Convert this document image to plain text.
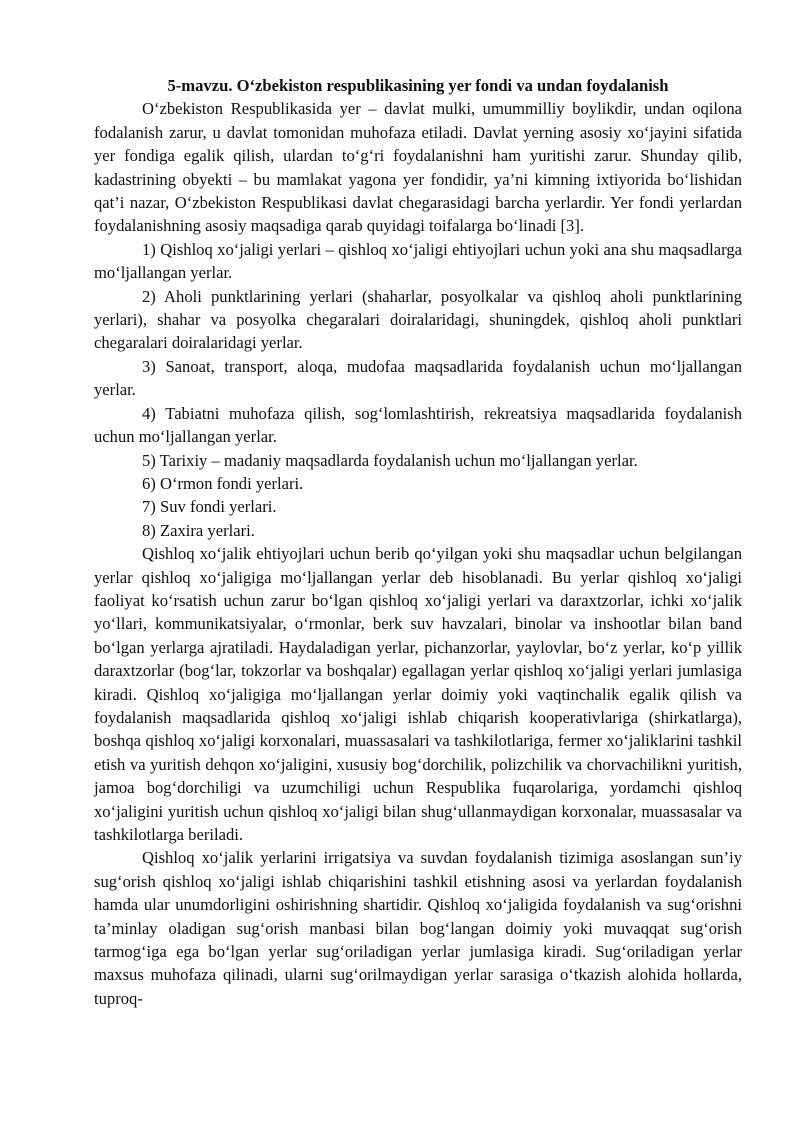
5-mavzu. O‘zbekiston respublikasining yer fondi va undan foydalanish

O‘zbekiston Respublikasida yer – davlat mulki, umummilliy boylikdir, undan oqilona fodalanish zarur, u davlat tomonidan muhofaza etiladi. Davlat yerning asosiy xo‘jayini sifatida yer fondiga egalik qilish, ulardan to‘g‘ri foydalanishni ham yuritishi zarur. Shunday qilib, kadastrining obyekti – bu mamlakat yagona yer fondidir, ya’ni kimning ixtiyorida bo‘lishidan qat’i nazar, O‘zbekiston Respublikasi davlat chegarasidagi barcha yerlardir. Yer fondi yerlardan foydalanishning asosiy maqsadiga qarab quyidagi toifalarga bo‘linadi [3].

1) Qishloq xo‘jaligi yerlari – qishloq xo‘jaligi ehtiyojlari uchun yoki ana shu maqsadlarga mo‘ljallangan yerlar.

2) Aholi punktlarining yerlari (shaharlar, posyolkalar va qishloq aholi punktlarining yerlari), shahar va posyolka chegaralari doiralaridagi, shuningdek, qishloq aholi punktlari chegaralari doiralaridagi yerlar.

3) Sanoat, transport, aloqa, mudofaa maqsadlarida foydalanish uchun mo‘ljallangan yerlar.

4) Tabiatni muhofaza qilish, sog‘lomlashtirish, rekreatsiya maqsadlarida foydalanish uchun mo‘ljallangan yerlar.

5) Tarixiy – madaniy maqsadlarda foydalanish uchun mo‘ljallangan yerlar.

6) O‘rmon fondi yerlari.

7) Suv fondi yerlari.

8) Zaxira yerlari.

Qishloq xo‘jalik ehtiyojlari uchun berib qo‘yilgan yoki shu maqsadlar uchun belgilangan yerlar qishloq xo‘jaligiga mo‘ljallangan yerlar deb hisoblanadi. Bu yerlar qishloq xo‘jaligi faoliyat ko‘rsatish uchun zarur bo‘lgan qishloq xo‘jaligi yerlari va daraxtzorlar, ichki xo‘jalik yo‘llari, kommunikatsiyalar, o‘rmonlar, berk suv havzalari, binolar va inshootlar bilan band bo‘lgan yerlarga ajratiladi. Haydaladigan yerlar, pichanzorlar, yaylovlar, bo‘z yerlar, ko‘p yillik daraxtzorlar (bog‘lar, tokzorlar va boshqalar) egallagan yerlar qishloq xo‘jaligi yerlari jumlasiga kiradi. Qishloq xo‘jaligiga mo‘ljallangan yerlar doimiy yoki vaqtinchalik egalik qilish va foydalanish maqsadlarida qishloq xo‘jaligi ishlab chiqarish kooperativlariga (shirkatlarga), boshqa qishloq xo‘jaligi korxonalari, muassasalari va tashkilotlariga, fermer xo‘jaliklarini tashkil etish va yuritish dehqon xo‘jaligini, xususiy bog‘dorchilik, polizchilik va chorvachilikni yuritish, jamoa bog‘dorchiligi va uzumchiligi uchun Respublika fuqarolariga, yordamchi qishloq xo‘jaligini yuritish uchun qishloq xo‘jaligi bilan shug‘ullanmaydigan korxonalar, muassasalar va tashkilotlarga beriladi.

Qishloq xo‘jalik yerlarini irrigatsiya va suvdan foydalanish tizimiga asoslangan sun’iy sug‘orish qishloq xo‘jaligi ishlab chiqarishini tashkil etishning asosi va yerlardan foydalanish hamda ular unumdorligini oshirishning shartidir. Qishloq xo‘jaligida foydalanish va sug‘orishni ta’minlay oladigan sug‘orish manbasi bilan bog‘langan doimiy yoki muvaqqat sug‘orish tarmog‘iga ega bo‘lgan yerlar sug‘oriladigan yerlar jumlasiga kiradi. Sug‘oriladigan yerlar maxsus muhofaza qilinadi, ularni sug‘orilmaydigan yerlar sarasiga o‘tkazish alohida hollarda, tuproq-
